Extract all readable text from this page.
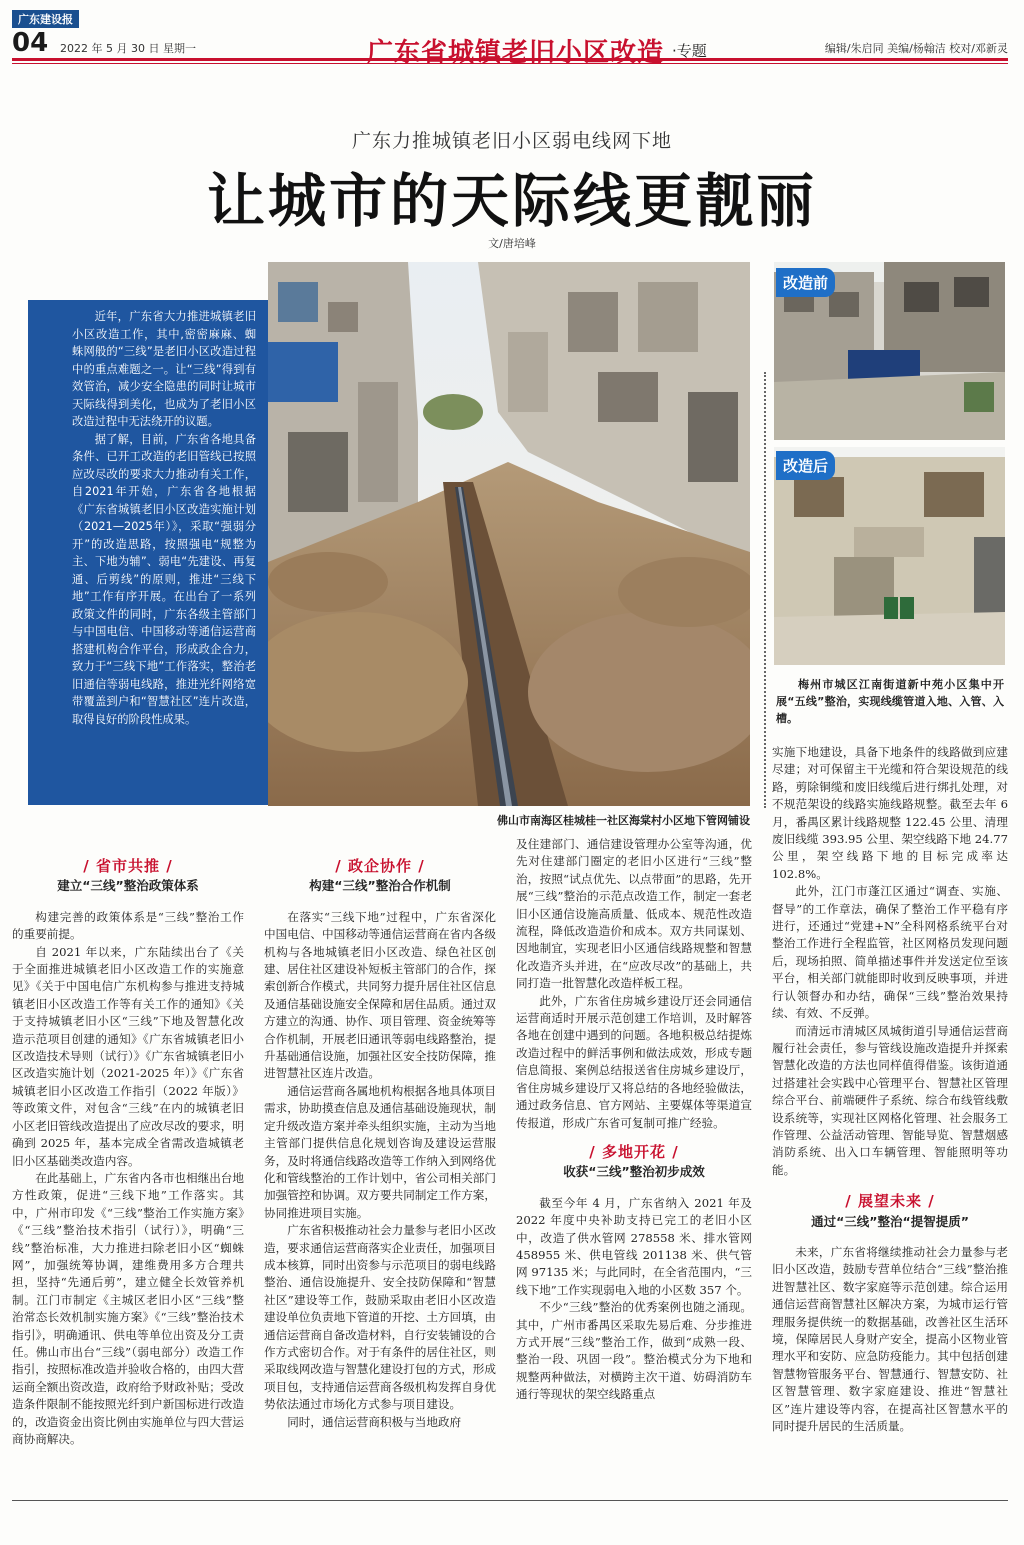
广东建设报
04 2022 年 5 月 30 日 星期一	广东省城镇老旧小区改造 ·专题	编辑/朱启同 美编/杨翰洁 校对/邓新灵
广东力推城镇老旧小区弱电线网下地
让城市的天际线更靓丽
文/唐培峰

近年，广东省大力推进城镇老旧小区改造工作，其中,密密麻麻、蜘蛛网般的“三线”是老旧小区改造过程中的重点难题之一。让“三线”得到有效管治，减少安全隐患的同时让城市天际线得到美化，也成为了老旧小区改造过程中无法绕开的议题。

据了解，目前，广东省各地具备条件、已开工改造的老旧管线已按照应改尽改的要求大力推动有关工作，自2021年开始，广东省各地根据《广东省城镇老旧小区改造实施计划（2021—2025年）》，采取“强弱分开”的改造思路，按照强电“规整为主、下地为辅”、弱电“先建设、再复通、后剪线”的原则，推进“三线下地”工作有序开展。在出台了一系列政策文件的同时，广东各级主管部门与中国电信、中国移动等通信运营商搭建机构合作平台，形成政企合力，致力于“三线下地”工作落实，整治老旧通信等弱电线路，推进光纤网络宽带覆盖到户和“智慧社区”连片改造，取得良好的阶段性成果。

佛山市南海区桂城桂一社区海棠村小区地下管网铺设
改造前
改造后
梅州市城区江南街道新中苑小区集中开展“五线”整治，实现线缆管道入地、入管、入槽。
/ 省市共推 /
建立“三线”整治政策体系

构建完善的政策体系是“三线”整治工作的重要前提。

自 2021 年以来，广东陆续出台了《关于全面推进城镇老旧小区改造工作的实施意见》《关于中国电信广东机构参与推进支持城镇老旧小区改造工作等有关工作的通知》《关于支持城镇老旧小区“三线”下地及智慧化改造示范项目创建的通知》《广东省城镇老旧小区改造技术导则（试行）》《广东省城镇老旧小区改造实施计划（2021-2025 年）》《广东省城镇老旧小区改造工作指引（2022 年版）》等政策文件，对包含“三线”在内的城镇老旧小区老旧管线改造提出了应改尽改的要求，明确到 2025 年，基本完成全省需改造城镇老旧小区基础类改造内容。

在此基础上，广东省内各市也相继出台地方性政策，促进“三线下地”工作落实。其中，广州市印发《“三线”整治工作实施方案》《“三线”整治技术指引（试行）》，明确“三线”整治标准，大力推进扫除老旧小区“蜘蛛网”，加强统筹协调，建维费用多方合理共担，坚持“先通后剪”，建立健全长效管养机制。江门市制定《主城区老旧小区“三线”整治常态长效机制实施方案》《“三线”整治技术指引》，明确通讯、供电等单位出资及分工责任。佛山市出台“三线”（弱电部分）改造工作指引，按照标准改造并验收合格的，由四大营运商全额出资改造，政府给予财政补贴；受改造条件限制不能按照光纤到户新国标进行改造的，改造资金出资比例由实施单位与四大营运商协商解决。

/ 政企协作 /
构建“三线”整治合作机制

在落实“三线下地”过程中，广东省深化中国电信、中国移动等通信运营商在省内各级机构与各地城镇老旧小区改造、绿色社区创建、居住社区建设补短板主管部门的合作，探索创新合作模式，共同努力提升居住社区信息及通信基础设施安全保障和居住品质。通过双方建立的沟通、协作、项目管理、资金统筹等合作机制，开展老旧通讯等弱电线路整治，提升基础通信设施，加强社区安全技防保障，推进智慧社区连片改造。

通信运营商各属地机构根据各地具体项目需求，协助摸查信息及通信基础设施现状，制定升级改造方案并牵头组织实施，主动为当地主管部门提供信息化规划咨询及建设运营服务，及时将通信线路改造等工作纳入到网络优化和管线整治的工作计划中，省公司相关部门加强管控和协调。双方要共同制定工作方案，协同推进项目实施。

广东省积极推动社会力量参与老旧小区改造，要求通信运营商落实企业责任，加强项目成本核算，同时出资参与示范项目的弱电线路整治、通信设施提升、安全技防保障和“智慧社区”建设等工作，鼓励采取由老旧小区改造建设单位负责地下管道的开挖、土方回填，由通信运营商自备改造材料，自行安装铺设的合作方式密切合作。对于有条件的居住社区，则采取线网改造与智慧化建设打包的方式，形成项目包，支持通信运营商各级机构发挥自身优势依法通过市场化方式参与项目建设。

同时，通信运营商积极与当地政府

及住建部门、通信建设管理办公室等沟通，优先对住建部门圈定的老旧小区进行“三线”整治，按照“试点优先、以点带面”的思路，先开展“三线”整治的示范点改造工作，制定一套老旧小区通信设施高质量、低成本、规范性改造流程，降低改造造价和成本。双方共同谋划、因地制宜，实现老旧小区通信线路规整和智慧化改造齐头并进，在“应改尽改”的基础上，共同打造一批智慧化改造样板工程。

此外，广东省住房城乡建设厅还会同通信运营商适时开展示范创建工作培训，及时解答各地在创建中遇到的问题。各地积极总结提炼改造过程中的鲜活事例和做法成效，形成专题信息简报、案例总结报送省住房城乡建设厅，省住房城乡建设厅又将总结的各地经验做法，通过政务信息、官方网站、主要媒体等渠道宣传报道，形成广东省可复制可推广经验。

/ 多地开花 /
收获“三线”整治初步成效

截至今年 4 月，广东省纳入 2021 年及 2022 年度中央补助支持已完工的老旧小区中，改造了供水管网 278558 米、排水管网 458955 米、供电管线 201138 米、供气管网 97135 米；与此同时，在全省范围内，“三线下地”工作实现弱电入地的小区数 357 个。

不少“三线”整治的优秀案例也随之涌现。其中，广州市番禺区采取先易后难、分步推进方式开展“三线”整治工作，做到“成熟一段、整治一段、巩固一段”。整治模式分为下地和规整两种做法，对横跨主次干道、妨碍消防车通行等现状的架空线路重点

实施下地建设，具备下地条件的线路做到应建尽建；对可保留主干光缆和符合架设规范的线路，剪除铜缆和废旧线缆后进行绑扎处理，对不规范架设的线路实施线路规整。截至去年 6 月，番禺区累计线路规整 122.45 公里、清理废旧线缆 393.95 公里、架空线路下地 24.77 公里，架空线路下地的目标完成率达 102.8%。

此外，江门市蓬江区通过“调查、实施、督导”的工作章法，确保了整治工作平稳有序进行，还通过“党建+N”全科网格系统平台对整治工作进行全程监管，社区网格员发现问题后，现场拍照、简单描述事件并发送定位至该平台，相关部门就能即时收到反映事项，并进行认领督办和办结，确保“三线”整治效果持续、有效、不反弹。

而清远市清城区凤城街道引导通信运营商履行社会责任，参与管线设施改造提升并探索智慧化改造的方法也同样值得借鉴。该街道通过搭建社会实践中心管理平台、智慧社区管理综合平台、前端硬件子系统、综合布线管线敷设系统等，实现社区网格化管理、社会服务工作管理、公益活动管理、智能导览、智慧烟感消防系统、出入口车辆管理、智能照明等功能。

/ 展望未来 /
通过“三线”整治“提智提质”

未来，广东省将继续推动社会力量参与老旧小区改造，鼓励专营单位结合“三线”整治推进智慧社区、数字家庭等示范创建。综合运用通信运营商智慧社区解决方案，为城市运行管理服务提供统一的数据基础，改善社区生活环境，保障居民人身财产安全，提高小区物业管理水平和安防、应急防疫能力。其中包括创建智慧物管服务平台、智慧通行、智慧安防、社区智慧管理、数字家庭建设、推进“智慧社区”连片建设等内容，在提高社区智慧水平的同时提升居民的生活质量。
